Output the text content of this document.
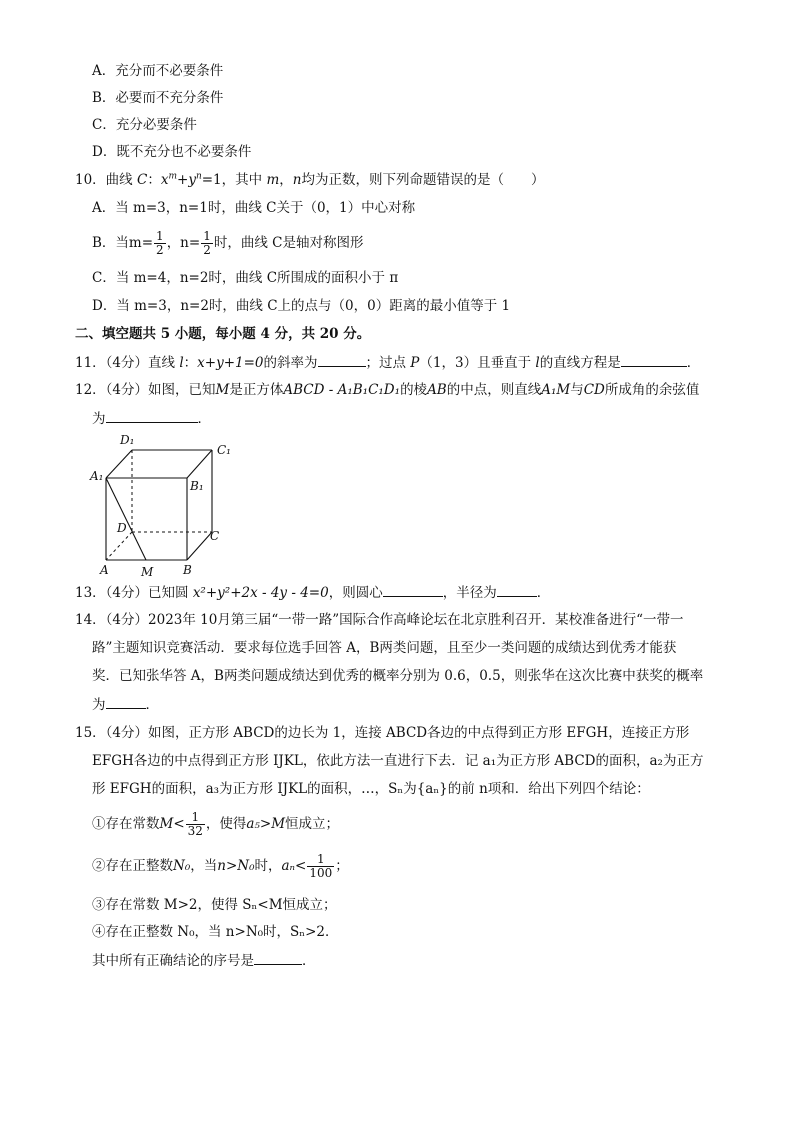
A．充分而不必要条件
B．必要而不充分条件
C．充分必要条件
D．既不充分也不必要条件
10．曲线 C：$x^m+y^n=1$，其中 m，n均为正数，则下列命题错误的是（　　）
A．当 m=3，n=1时，曲线 C关于（0，1）中心对称
B．当$m= \frac{1}{2}$ ，$n= \frac{1}{2}$ 时，曲线 C是轴对称图形
C．当 m=4，n=2时，曲线 C所围成的面积小于 π
D．当 m=3，n=2时，曲线 C上的点与（0，0）距离的最小值等于 1
二、填空题共 5 小题，每小题 4 分，共 20 分。
11．（4分）直线 l：x+y+1=0的斜率为	；过点 P（1，3）且垂直于 l的直线方程是	．
12．（4分）如图，已知M是正方体ABCD - A₁B₁C₁D₁的棱AB的中点，则直线A₁M与CD所成角的余弦值
为	．
D₁
C₁
A₁
B₁
D
C
A	M B
13．（4分）已知圆 x²+y²+2x - 4y - 4=0，则圆心	，半径为	．
14．（4分）2023年 10月第三届“一带一路”国际合作高峰论坛在北京胜利召开．某校准备进行“一带一
路”主题知识竞赛活动．要求每位选手回答 A，B两类问题，且至少一类问题的成绩达到优秀才能获
奖．已知张华答 A，B两类问题成绩达到优秀的概率分别为 0.6，0.5，则张华在这次比赛中获奖的概率
为	．
15．（4分）如图，正方形 ABCD的边长为 1，连接 ABCD各边的中点得到正方形 EFGH，连接正方形
EFGH各边的中点得到正方形 IJKL，依此方法一直进行下去．记 a₁为正方形 ABCD的面积，a₂为正方
形 EFGH的面积，a₃为正方形 IJKL的面积，…，Sₙ为{aₙ}的前 n项和．给出下列四个结论：
①存在常数$M< \frac{1}{32}$ ，使得a₅>M恒成立；
②存在正整数N₀，当n>N₀时，$a_n< \frac{1}{100}$ ；
③存在常数 M>2，使得 Sₙ<M恒成立；
④存在正整数 N₀，当 n>N₀时，Sₙ>2．
其中所有正确结论的序号是	．
